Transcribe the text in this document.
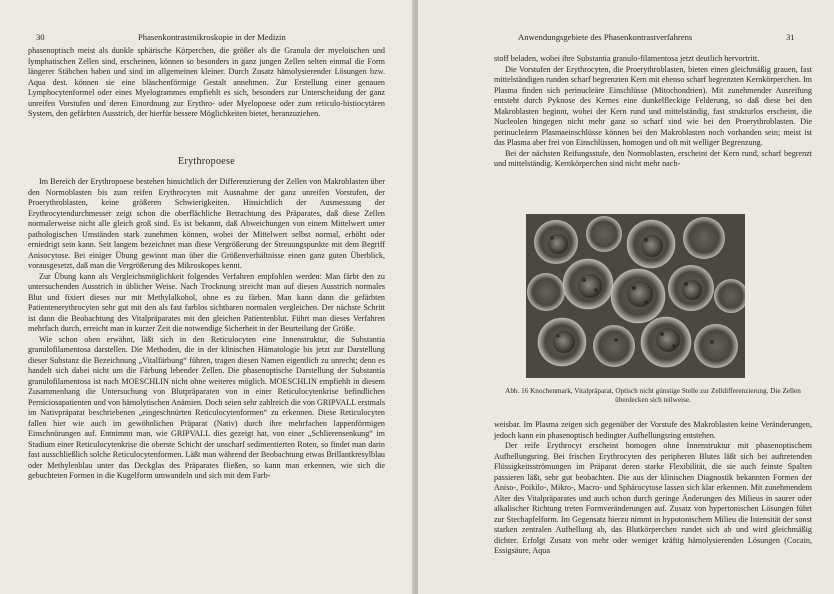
30	Phasenkontrastmikroskopie in der Medizin

phasenoptisch meist als dunkle sphärische Körperchen, die größer als die Granula der myeloischen und lymphatischen Zellen sind, erscheinen, können so besonders in ganz jungen Zellen selten einmal die Form längerer Stäbchen haben und sind im allgemeinen kleiner. Durch Zusatz hämolysierender Lösungen bzw. Aqua dest. können sie eine bläschenförmige Gestalt annehmen. Zur Erstellung einer genauen Lymphocytenformel oder eines Myelogrammes empfiehlt es sich, besonders zur Unterscheidung der ganz unreifen Vorstufen und deren Einordnung zur Erythro- oder Myelopoese oder zum reticulo-histiocytären System, den gefärbten Ausstrich, der hierfür bessere Möglichkeiten bietet, heranzuziehen.

Erythropoese

Im Bereich der Erythropoese bestehen hinsichtlich der Differenzierung der Zellen von Makroblasten über den Normoblasten bis zum reifen Erythrocyten mit Ausnahme der ganz unreifen Vorstufen, der Proerythroblasten, keine größeren Schwierigkeiten. Hinsichtlich der Ausmessung der Erythrocytendurchmesser zeigt schon die oberflächliche Betrachtung des Präparates, daß diese Zellen normalerweise nicht alle gleich groß sind. Es ist bekannt, daß Abweichungen von einem Mittelwert unter pathologischen Umständen stark zunehmen können, wobei der Mittelwert selbst normal, erhöht oder erniedrigt sein kann. Seit langem bezeichnet man diese Vergrößerung der Streuungspunkte mit dem Begriff Anisocytose. Bei einiger Übung gewinnt man über die Größenverhältnisse einen ganz guten Überblick, vorausgesetzt, daß man die Vergrößerung des Mikroskopes kennt.

Zur Übung kann als Vergleichsmöglichkeit folgendes Verfahren empfohlen werden: Man färbt den zu untersuchenden Ausstrich in üblicher Weise. Nach Trocknung streicht man auf diesen Ausstrich normales Blut und fixiert dieses nur mit Methylalkohol, ohne es zu färben. Man kann dann die gefärbten Patientenerythrocyten sehr gut mit den als fast farblos sichtbaren normalen vergleichen. Der nächste Schritt ist dann die Beobachtung des Vitalpräparates mit den gleichen Patientenblut. Führt man dieses Verfahren mehrfach durch, erreicht man in kurzer Zeit die notwendige Sicherheit in der Beurteilung der Größe.

Wie schon oben erwähnt, läßt sich in den Reticulocyten eine Innenstruktur, die Substantia granulofilamentosa darstellen. Die Methoden, die in der klinischen Hämatologie bis jetzt zur Darstellung dieser Substanz die Bezeichnung „Vitalfärbung“ führen, tragen diesen Namen eigentlich zu unrecht; denn es handelt sich dabei nicht um die Färbung lebender Zellen. Die phasenoptische Darstellung der Substantia granulofilamentosa ist nach MOESCHLIN nicht ohne weiteres möglich. MOESCHLIN empfiehlt in diesem Zusammenhang die Untersuchung von Blutpräparaten von in einer Reticulocytenkrise befindlichen Perniciosapatienten und von hämolytischen Anämien. Doch seien sehr zahlreich die von GRIPVALL erstmals im Nativpräparat beschriebenen „eingeschnürten Reticulocytenformen“ zu erkennen. Diese Reticulocyten fallen hier wie auch im gewöhnlichen Präparat (Nativ) durch ihre mehrfachen lappenförmigen Einschnürungen auf. Entnimmt man, wie GRIPVALL dies gezeigt hat, von einer „Schlierensenkung“ im Stadium einer Reticulocytenkrise die oberste Schicht der unscharf sedimentierten Roten, so findet man darin fast ausschließlich solche Reticulocytenformen. Läßt man während der Beobachtung etwas Brillantkresylblau oder Methylenblau unter das Deckglas des Präparates fließen, so kann man erkennen, wie sich die gebuchteten Formen in die Kugelform umwandeln und sich mit dem Farb-

Anwendungsgebiete des Phasenkontrastverfahrens	31

stoff beladen, wobei ihre Substantia granulo-filamentosa jetzt deutlich hervortritt.

Die Vorstufen der Erythrocyten, die Proerythroblasten, bieten einen gleichmäßig grauen, fast mittelständigen runden scharf begrenzten Kern mit ebenso scharf begrenzten Kernkörperchen. Im Plasma finden sich perinucleäre Einschlüsse (Mitochondrien). Mit zunehmender Ausreifung entsteht durch Pyknose des Kernes eine dunkelfleckige Felderung, so daß diese bei den Makroblasten beginnt, wobei der Kern rund und mittelständig, fast strukturlos erscheint, die Nucleolen hingegen nicht mehr ganz so scharf sind wie bei den Proerythroblasten. Die perinucleären Plasmaeinschlüsse können bei den Makroblasten noch vorhanden sein; meist ist das Plasma aber frei von Einschlüssen, homogen und oft mit welliger Begrenzung.

Bei der nächsten Reifungsstufe, den Normoblasten, erscheint der Kern rund, scharf begrenzt und mittelständig. Kernkörperchen sind nicht mehr nach-

Abb. 16 Knochenmark, Vitalpräparat, Optisch nicht günstige Stelle zur Zelldifferenzierung. Die Zellen überdecken sich teilweise.

weisbar. Im Plasma zeigen sich gegenüber der Vorstufe des Makroblasten keine Veränderungen, jedoch kann ein phasenoptisch bedingter Aufhellungsring entstehen.

Der reife Erythrocyt erscheint homogen ohne Innenstruktur mit phasenoptischem Aufhellungsring. Bei frischen Erythrocyten des peripheren Blutes läßt sich bei auftretenden Flüssigkeitsströmungen im Präparat deren starke Flexibilität, die sie auch feinste Spalten passieren läßt, sehr gut beobachten. Die aus der klinischen Diagnostik bekannten Formen der Aniso-, Poikilo-, Mikro-, Macro- und Sphärocytose lassen sich klar erkennen. Mit zunehmendem Alter des Vitalpräparates und auch schon durch geringe Änderungen des Milieus in saurer oder alkalischer Richtung treten Formveränderungen auf. Zusatz von hypertonischen Lösungen führt zur Stechapfelform. Im Gegensatz hierzu nimmt in hypotonischem Milieu die Intensität der sonst starken zentralen Aufhellung ab, das Blutkörperchen rundet sich ab und wird gleichmäßig dichter. Erfolgt Zusatz von mehr oder weniger kräftig hämolysierenden Lösungen (Cocain, Essigsäure, Aqua
